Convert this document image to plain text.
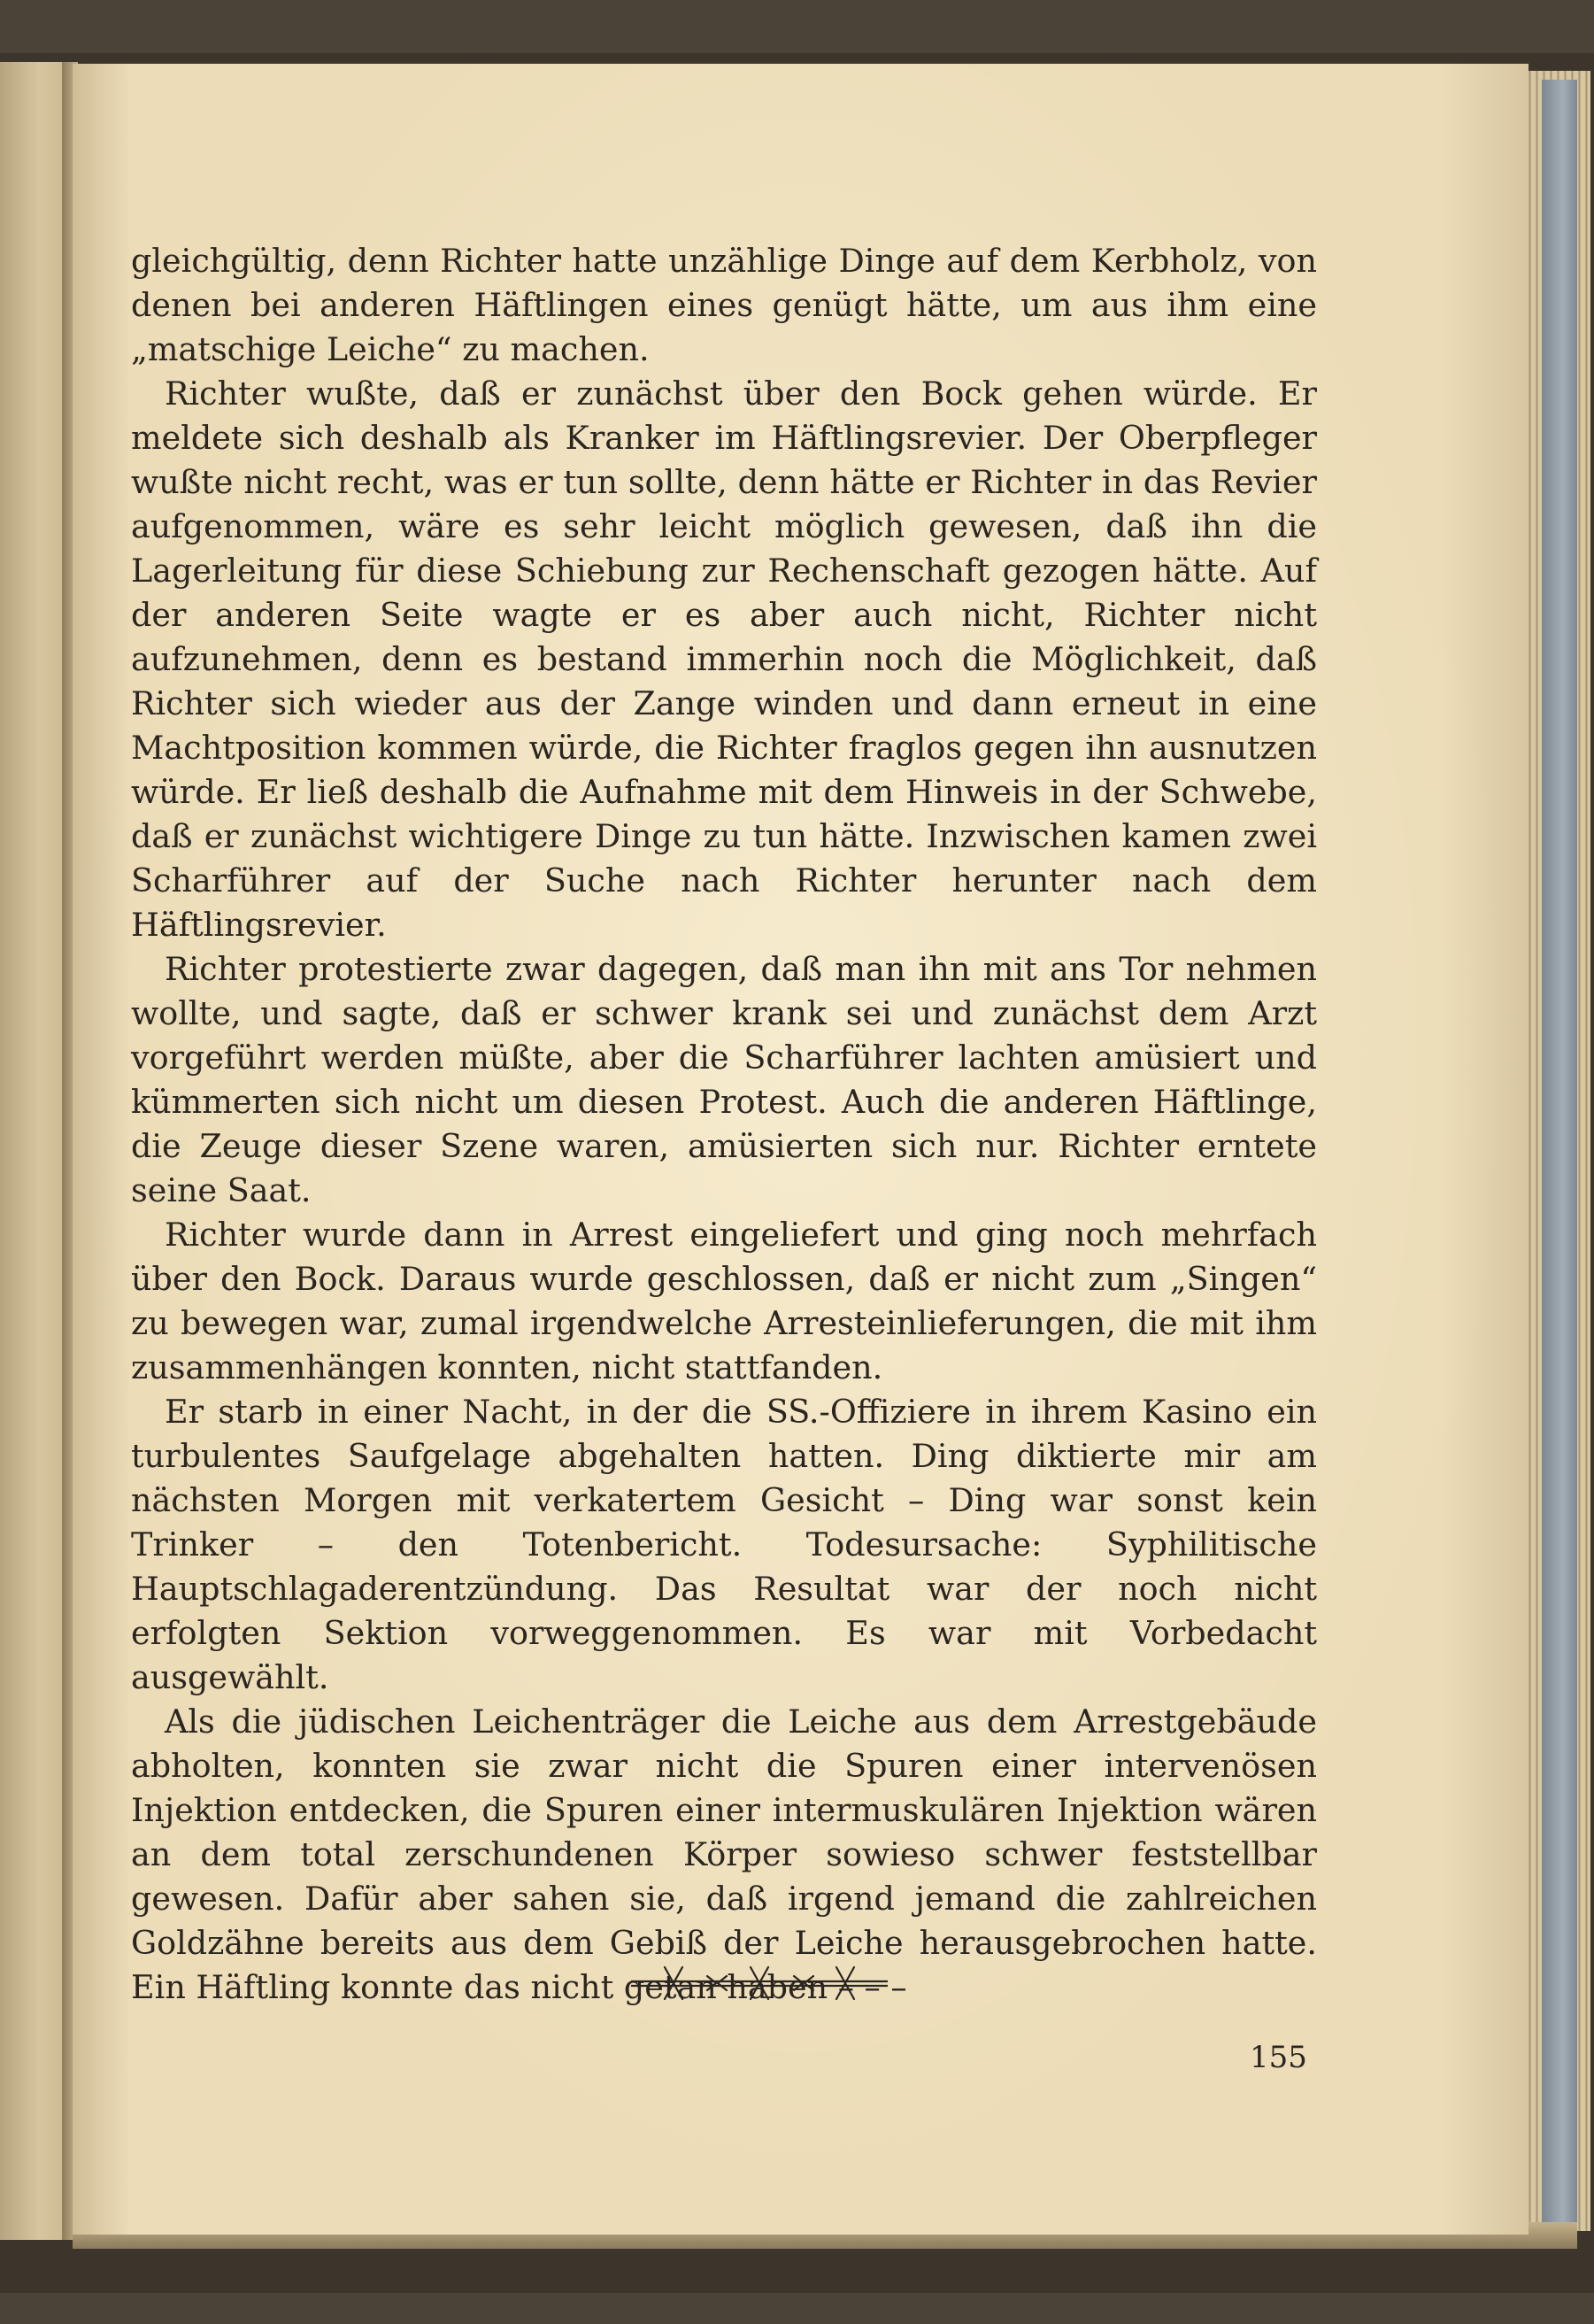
gleichgültig, denn Richter hatte unzählige Dinge auf dem Kerbholz, von denen bei anderen Häftlingen eines genügt hätte, um aus ihm eine „matschige Leiche“ zu machen.

Richter wußte, daß er zunächst über den Bock gehen würde. Er meldete sich deshalb als Kranker im Häftlingsrevier. Der Oberpfleger wußte nicht recht, was er tun sollte, denn hätte er Richter in das Revier aufgenommen, wäre es sehr leicht möglich gewesen, daß ihn die Lagerleitung für diese Schiebung zur Rechenschaft gezogen hätte. Auf der anderen Seite wagte er es aber auch nicht, Richter nicht aufzunehmen, denn es bestand immerhin noch die Möglichkeit, daß Richter sich wieder aus der Zange winden und dann erneut in eine Machtposition kommen würde, die Richter fraglos gegen ihn ausnutzen würde. Er ließ deshalb die Aufnahme mit dem Hinweis in der Schwebe, daß er zunächst wichtigere Dinge zu tun hätte. Inzwischen kamen zwei Scharführer auf der Suche nach Richter herunter nach dem Häftlingsrevier.

Richter protestierte zwar dagegen, daß man ihn mit ans Tor nehmen wollte, und sagte, daß er schwer krank sei und zunächst dem Arzt vorgeführt werden müßte, aber die Scharführer lachten amüsiert und kümmerten sich nicht um diesen Protest. Auch die anderen Häftlinge, die Zeuge dieser Szene waren, amüsierten sich nur. Richter erntete seine Saat.

Richter wurde dann in Arrest eingeliefert und ging noch mehrfach über den Bock. Daraus wurde geschlossen, daß er nicht zum „Singen“ zu bewegen war, zumal irgendwelche Arresteinlieferungen, die mit ihm zusammenhängen konnten, nicht stattfanden.

Er starb in einer Nacht, in der die SS.-Offiziere in ihrem Kasino ein turbulentes Saufgelage abgehalten hatten. Ding diktierte mir am nächsten Morgen mit verkatertem Gesicht – Ding war sonst kein Trinker – den Totenbericht. Todesursache: Syphilitische Hauptschlagaderentzündung. Das Resultat war der noch nicht erfolgten Sektion vorweggenommen. Es war mit Vorbedacht ausgewählt.

Als die jüdischen Leichenträger die Leiche aus dem Arrestgebäude abholten, konnten sie zwar nicht die Spuren einer intervenösen Injektion entdecken, die Spuren einer intermuskulären Injektion wären an dem total zerschundenen Körper sowieso schwer feststellbar gewesen. Dafür aber sahen sie, daß irgend jemand die zahlreichen Goldzähne bereits aus dem Gebiß der Leiche herausgebrochen hatte. Ein Häftling konnte das nicht getan haben – – –

155
